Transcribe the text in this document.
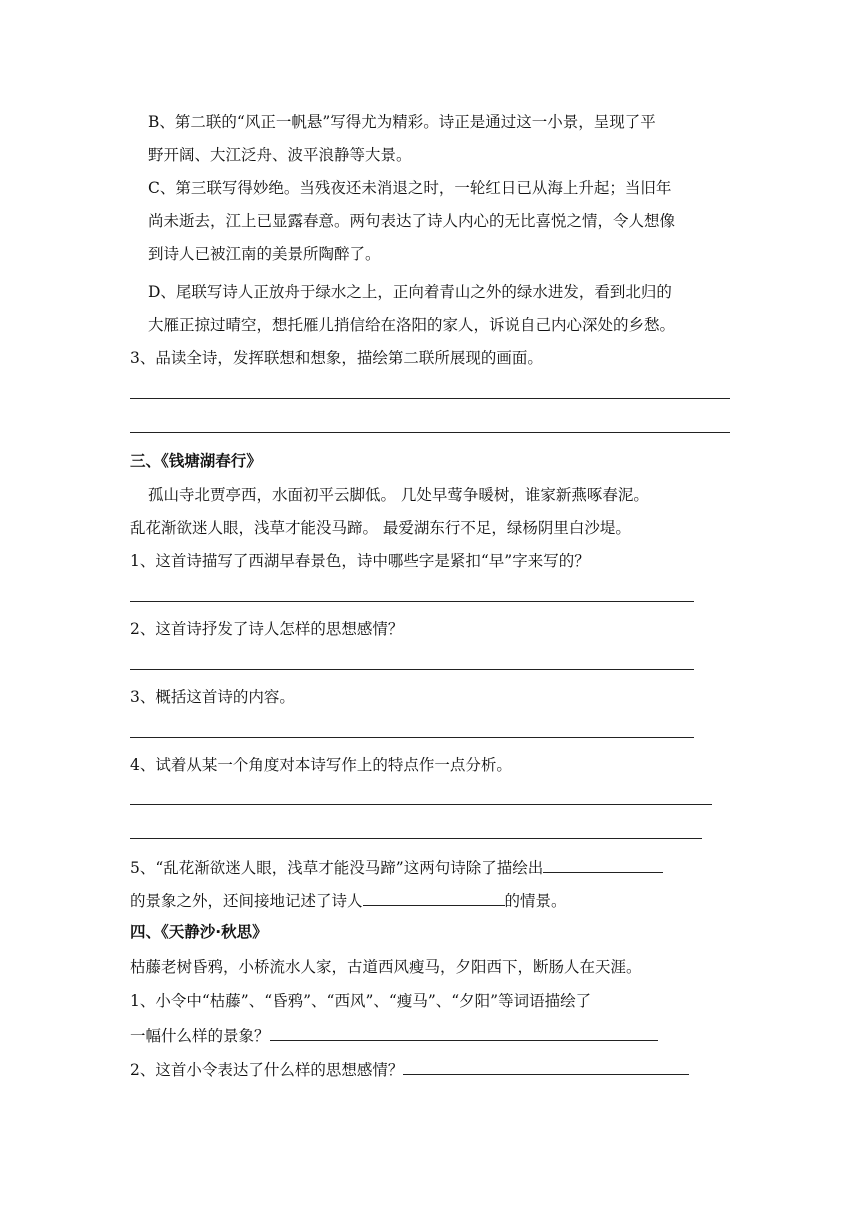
B、第二联的“风正一帆悬”写得尤为精彩。诗正是通过这一小景，呈现了平
野开阔、大江泛舟、波平浪静等大景。
C、第三联写得妙绝。当残夜还未消退之时，一轮红日已从海上升起；当旧年
尚未逝去，江上已显露春意。两句表达了诗人内心的无比喜悦之情，令人想像
到诗人已被江南的美景所陶醉了。
D、尾联写诗人正放舟于绿水之上，正向着青山之外的绿水进发，看到北归的
大雁正掠过晴空，想托雁儿捎信给在洛阳的家人，诉说自己内心深处的乡愁。
3、品读全诗，发挥联想和想象，描绘第二联所展现的画面。
三、《钱塘湖春行》
孤山寺北贾亭西，水面初平云脚低。 几处早莺争暖树，谁家新燕啄春泥。
乱花渐欲迷人眼，浅草才能没马蹄。 最爱湖东行不足，绿杨阴里白沙堤。
1、这首诗描写了西湖早春景色，诗中哪些字是紧扣“早”字来写的？
2、这首诗抒发了诗人怎样的思想感情？
3、概括这首诗的内容。
4、试着从某一个角度对本诗写作上的特点作一点分析。
5、“乱花渐欲迷人眼，浅草才能没马蹄”这两句诗除了描绘出
的景象之外，还间接地记述了诗人	的情景。
四、《天静沙·秋思》
枯藤老树昏鸦，小桥流水人家，古道西风瘦马，夕阳西下，断肠人在天涯。
1、小令中“枯藤”、“昏鸦”、“西风”、“瘦马”、“夕阳”等词语描绘了
一幅什么样的景象？
2、这首小令表达了什么样的思想感情？
